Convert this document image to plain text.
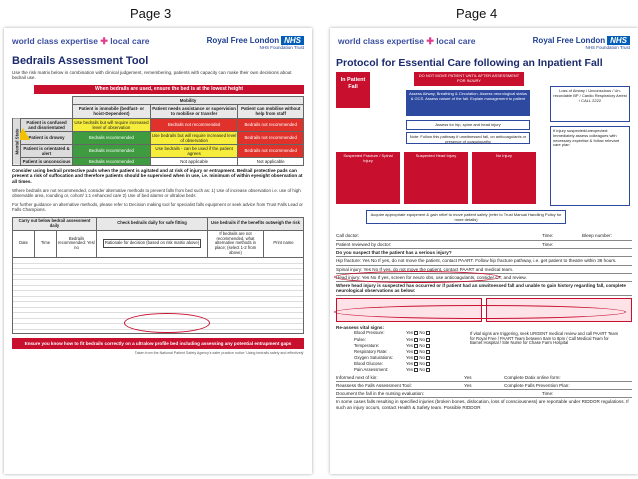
Page 3	Page 4
world class expertise ✚ local care	Royal Free London NHS
NHS Foundation Trust
Bedrails Assessment Tool
Use the risk matrix below in combination with clinical judgement, remembering, patients with capacity can make their own decisions about bedrail use.
When bedrails are used, ensure the bed is at the lowest height
		Mobility		
		Patient is immobile (bedfast- or hoist-Dependent)	Patient needs assistance or supervision to mobilise or transfer	Patient can mobilise without help from staff
Mental State	Patient is confused and disorientated	Use bedrails but will require increased level of observation	Bedrails not recommended	Bedrails not recommended
	Patient is drowsy	Bedrails recommended	Use bedrails but will require increased level of observation	Bedrails not recommended
	Patient is orientated & alert	Bedrails recommended	Use bedrails - can be used if the patient agrees	Bedrails not recommended
	Patient is unconscious	Bedrails recommended	Not applicable	Not applicable
Consider using bedrail protective pads when the patient is agitated and at risk of injury or entrapment. Bedrail protective pads can present a risk of suffocation and therefore patients should be supervised when in use, i.e. minimum of within eyesight observation at all times.
Where bedrails are not recommended, consider alternative methods to prevent falls from bed such as: 1) Use of increase observation i.e. use of high observable area, rounding or, cohort/ 1:1 enhanced care 2) Use of bed alarms or ultralow beds
For further guidance on alternative methods, please refer to Decision making tool for specialist falls equipment or seek advice from Trust Falls Lead or Falls Champions.
Carry out below bedrail assessment daily			Check bedrails daily for safe fitting	Use bedrails if the benefits outweigh the risk	
Date	Time	Bedrails recommended: Yes/ no	Rationale for decision (based on risk matrix above)	If bedrails are not recommended, what alternative methods in place; (select 1-2 from above)	Print name
Ensure you know how to fit bedrails correctly on a ultralow profile bed including assessing any potential entrapment gaps
Taken from the National Patient Safety Agency's safer practice notice 'Using bedrails safely and effectively'
world class expertise ✚ local care	Royal Free London NHS
NHS Foundation Trust
Protocol for Essential Care following an Inpatient Fall
In Patient Fall
DO NOT MOVE PATIENT UNTIL AFTER ASSESSMENT FOR INJURY
Assess Airway, Breathing & Circulation. Assess neurological status & GCS. Assess nature of the fall. Explain management to patient
Loss of Airway / Unconscious / Un-recordable BP / Cardio Respiratory Arrest / CALL 2222
Assess for hip, spine and head injury
Note: Follow this pathway if unwitnessed fall, on anticoagulants or presence of coagulopathy
If injury suspected/unexpected: Immediately assess colleagues with necessary expertise & follow relevant care plan
Suspected Fracture / Spinal Injury
Suspected Head Injury	No Injury
Acquire appropriate equipment & gain relief to move patient safely (refer to Trust Manual Handling Policy for more details)
Call doctor:	Time:	Bleep number:
Patient reviewed by doctor:	Time:
Do you suspect that the patient has a serious injury?
Hip fracture: Yes No If yes, do not move the patient, contact PAART. Follow hip fracture pathway, i.e. get patient to theatre within 36 hours.
Spinal injury: Yes No If yes, do not move the patient, contact PAART and medical team.
Head injury: Yes No If yes, screen for neuro obs, use anticoagulants, consider CT, and review.
Where head injury is suspected has occurred or if patient had an unwitnessed fall and unable to gain history regarding fall, complete neurological observations as below:
Re-assess vital signs:
Blood Pressure:	Yes No
Pulse:	Yes No
Temperature:	Yes No
Respiratory Rate:	Yes No
Oxygen Saturations:	Yes No
Blood Glucose:	Yes No
Pain Assessment:	Yes No
If vital signs are triggering, seek URGENT medical review and call PAART Team for Royal Free / PAART Team between 8am to 8pm / Call Medical Team for Barnet Hospital / Site Nurse for Chase Farm Hospital
Informed next of kin:	Yes	Complete Datix online form:
Reassess the Falls Assessment Tool:	Yes	Complete Falls Prevention Plan:
Document the fall in the nursing evaluation:	Time:
In some cases falls resulting in specified injuries (broken bones, dislocation, loss of consciousness) are reportable under RIDDOR regulations. If such an injury occurs, contact Health & Safety team. Possible RIDDOR
